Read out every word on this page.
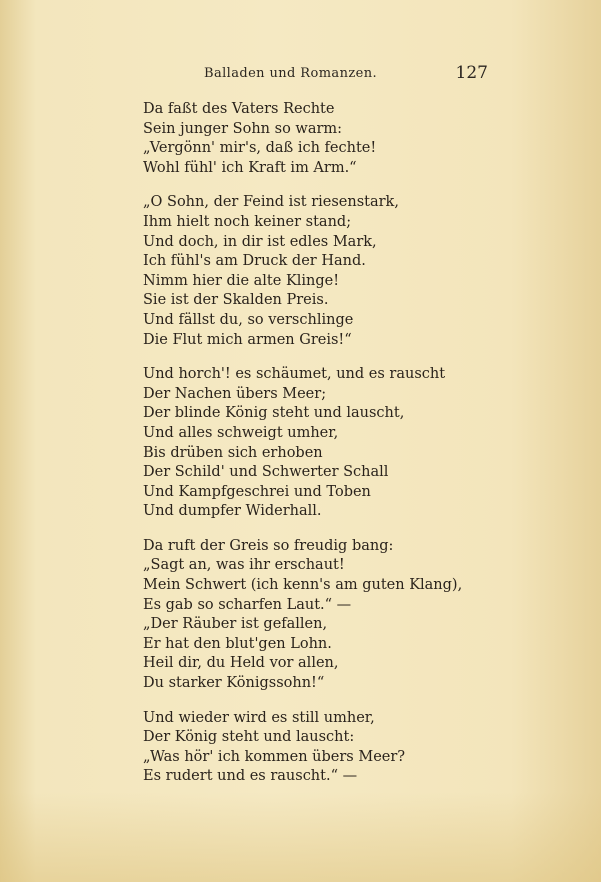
Balladen und Romanzen.	127
Da faßt des Vaters Rechte
Sein junger Sohn so warm:
„Vergönn' mir's, daß ich fechte!
Wohl fühl' ich Kraft im Arm.“
„O Sohn, der Feind ist riesenstark,
Ihm hielt noch keiner stand;
Und doch, in dir ist edles Mark,
Ich fühl's am Druck der Hand.
Nimm hier die alte Klinge!
Sie ist der Skalden Preis.
Und fällst du, so verschlinge
Die Flut mich armen Greis!“
Und horch'! es schäumet, und es rauscht
Der Nachen übers Meer;
Der blinde König steht und lauscht,
Und alles schweigt umher,
Bis drüben sich erhoben
Der Schild' und Schwerter Schall
Und Kampfgeschrei und Toben
Und dumpfer Widerhall.
Da ruft der Greis so freudig bang:
„Sagt an, was ihr erschaut!
Mein Schwert (ich kenn's am guten Klang),
Es gab so scharfen Laut.“ —
„Der Räuber ist gefallen,
Er hat den blut'gen Lohn.
Heil dir, du Held vor allen,
Du starker Königssohn!“
Und wieder wird es still umher,
Der König steht und lauscht:
„Was hör' ich kommen übers Meer?
Es rudert und es rauscht.“ —
